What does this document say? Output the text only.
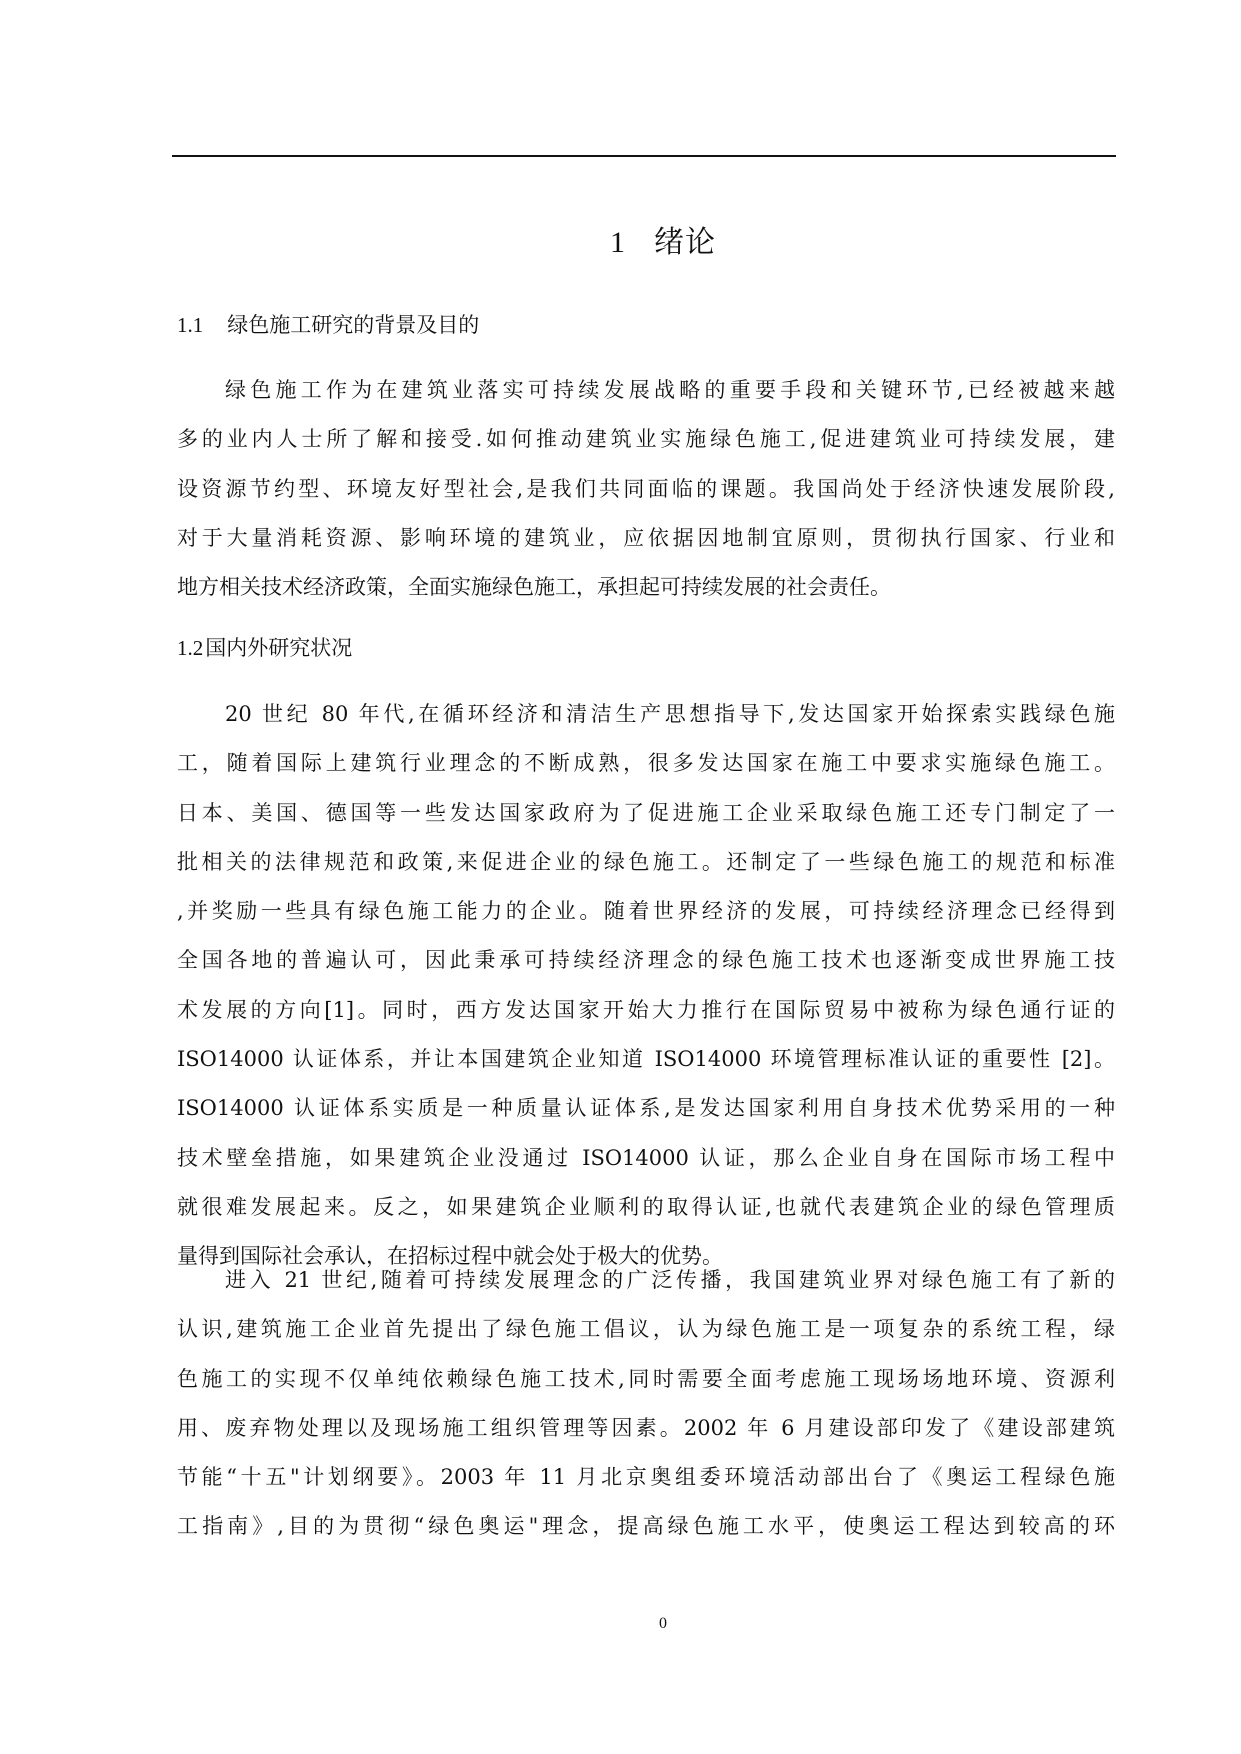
1 绪论
1.1 绿色施工研究的背景及目的
绿色施工作为在建筑业落实可持续发展战略的重要手段和关键环节,已经被越来越
多的业内人士所了解和接受.如何推动建筑业实施绿色施工,促进建筑业可持续发展，建
设资源节约型、环境友好型社会,是我们共同面临的课题。我国尚处于经济快速发展阶段,
对于大量消耗资源、影响环境的建筑业，应依据因地制宜原则，贯彻执行国家、行业和
地方相关技术经济政策，全面实施绿色施工，承担起可持续发展的社会责任。
1.2国内外研究状况
20 世纪 80 年代,在循环经济和清洁生产思想指导下,发达国家开始探索实践绿色施
工，随着国际上建筑行业理念的不断成熟，很多发达国家在施工中要求实施绿色施工。
日本、美国、德国等一些发达国家政府为了促进施工企业采取绿色施工还专门制定了一
批相关的法律规范和政策,来促进企业的绿色施工。还制定了一些绿色施工的规范和标准
,并奖励一些具有绿色施工能力的企业。随着世界经济的发展，可持续经济理念已经得到
全国各地的普遍认可，因此秉承可持续经济理念的绿色施工技术也逐渐变成世界施工技
术发展的方向[1]。同时，西方发达国家开始大力推行在国际贸易中被称为绿色通行证的
ISO14000 认证体系，并让本国建筑企业知道 ISO14000 环境管理标准认证的重要性 [2]。
ISO14000 认证体系实质是一种质量认证体系,是发达国家利用自身技术优势采用的一种
技术壁垒措施，如果建筑企业没通过 ISO14000 认证，那么企业自身在国际市场工程中
就很难发展起来。反之，如果建筑企业顺利的取得认证,也就代表建筑企业的绿色管理质
量得到国际社会承认，在招标过程中就会处于极大的优势。
进入 21 世纪,随着可持续发展理念的广泛传播，我国建筑业界对绿色施工有了新的
认识,建筑施工企业首先提出了绿色施工倡议，认为绿色施工是一项复杂的系统工程，绿
色施工的实现不仅单纯依赖绿色施工技术,同时需要全面考虑施工现场场地环境、资源利
用、废弃物处理以及现场施工组织管理等因素。2002 年 6 月建设部印发了《建设部建筑
节能“十五"计划纲要》。2003 年 11 月北京奥组委环境活动部出台了《奥运工程绿色施
工指南》,目的为贯彻“绿色奥运"理念，提高绿色施工水平，使奥运工程达到较高的环
0
